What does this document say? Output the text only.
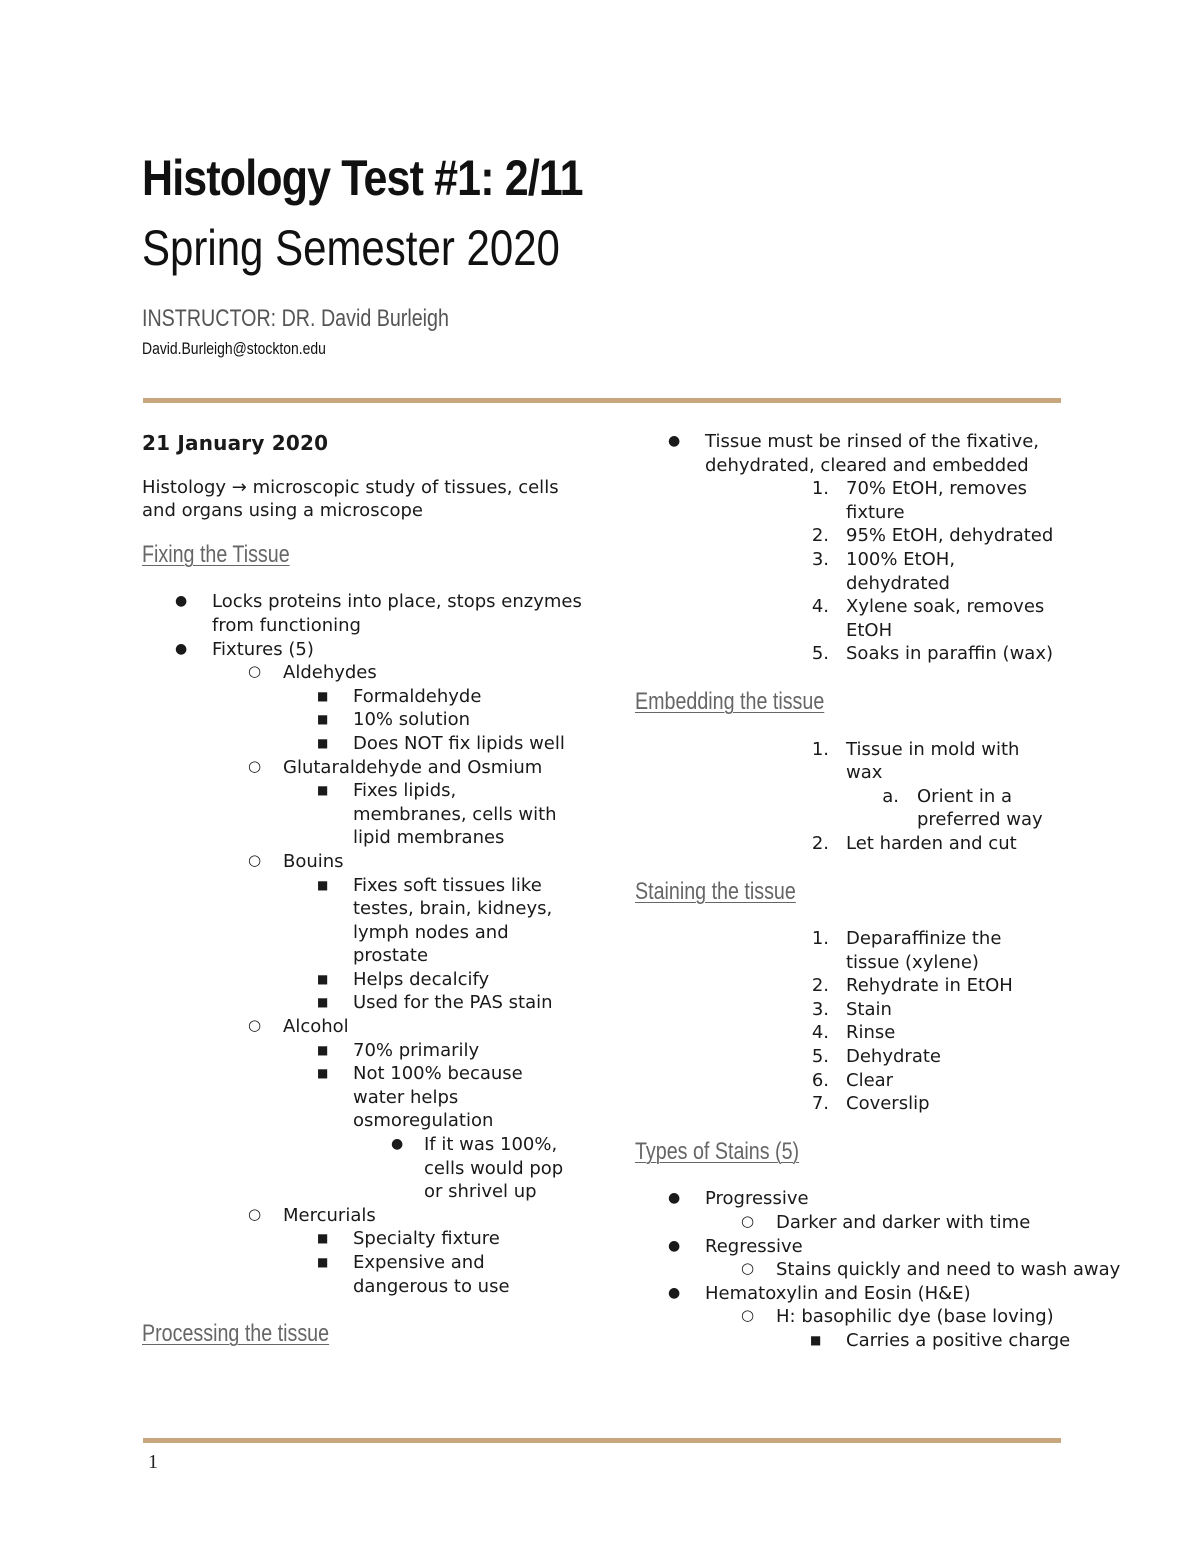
Histology Test #1: 2/11
Spring Semester 2020
INSTRUCTOR: DR. David Burleigh
David.Burleigh@stockton.edu
21 January 2020
Histology → microscopic study of tissues, cells and organs using a microscope
Fixing the Tissue
● Locks proteins into place, stops enzymes from functioning
● Fixtures (5)
○ Aldehydes
■ Formaldehyde
■ 10% solution
■ Does NOT fix lipids well
○ Glutaraldehyde and Osmium
■ Fixes lipids, membranes, cells with lipid membranes
○ Bouins
■ Fixes soft tissues like testes, brain, kidneys, lymph nodes and prostate
■ Helps decalcify
■ Used for the PAS stain
○ Alcohol
■ 70% primarily
■ Not 100% because water helps osmoregulation
● If it was 100%, cells would pop or shrivel up
○ Mercurials
■ Specialty fixture
■ Expensive and dangerous to use
Processing the tissue
● Tissue must be rinsed of the fixative, dehydrated, cleared and embedded
1. 70% EtOH, removes fixture
2. 95% EtOH, dehydrated
3. 100% EtOH, dehydrated
4. Xylene soak, removes EtOH
5. Soaks in paraffin (wax)
Embedding the tissue
1. Tissue in mold with wax
a. Orient in a preferred way
2. Let harden and cut
Staining the tissue
1. Deparaffinize the tissue (xylene)
2. Rehydrate in EtOH
3. Stain
4. Rinse
5. Dehydrate
6. Clear
7. Coverslip
Types of Stains (5)
● Progressive
○ Darker and darker with time
● Regressive
○ Stains quickly and need to wash away
● Hematoxylin and Eosin (H&E)
○ H: basophilic dye (base loving)
■ Carries a positive charge
1
